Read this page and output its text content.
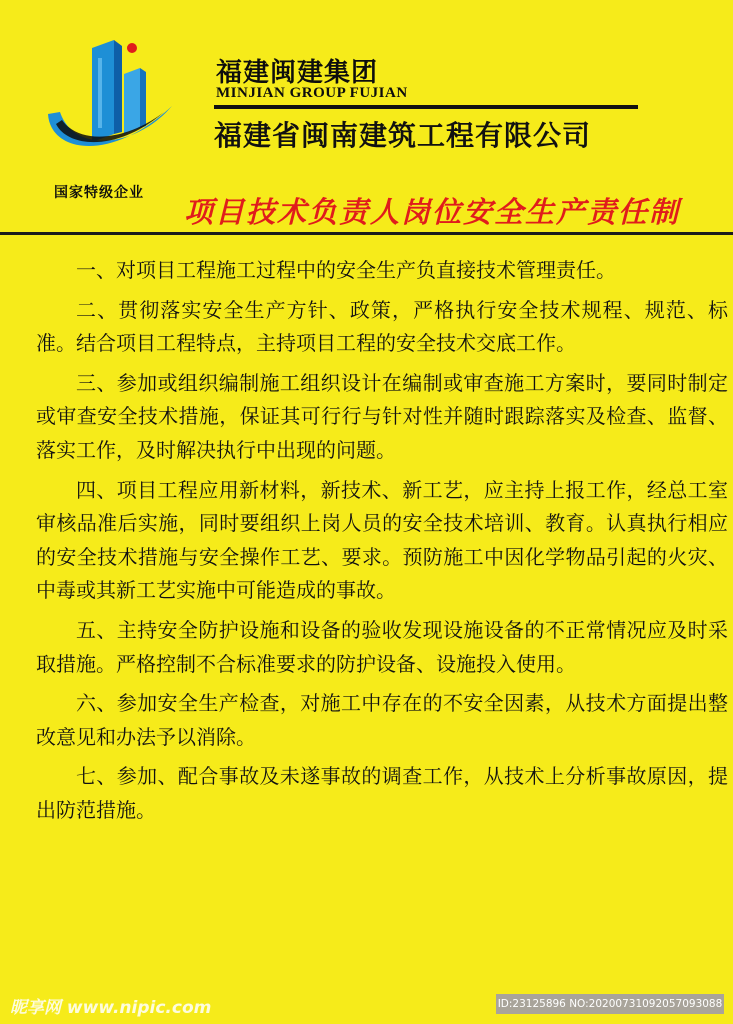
国家特级企业
福建闽建集团
MINJIAN GROUP FUJIAN
福建省闽南建筑工程有限公司
项目技术负责人岗位安全生产责任制

一、对项目工程施工过程中的安全生产负直接技术管理责任。

二、贯彻落实安全生产方针、政策，严格执行安全技术规程、规范、标准。结合项目工程特点，主持项目工程的安全技术交底工作。

三、参加或组织编制施工组织设计在编制或审查施工方案时，要同时制定或审查安全技术措施，保证其可行行与针对性并随时跟踪落实及检查、监督、落实工作，及时解决执行中出现的问题。

四、项目工程应用新材料，新技术、新工艺，应主持上报工作，经总工室审核品准后实施，同时要组织上岗人员的安全技术培训、教育。认真执行相应的安全技术措施与安全操作工艺、要求。预防施工中因化学物品引起的火灾、中毒或其新工艺实施中可能造成的事故。

五、主持安全防护设施和设备的验收发现设施设备的不正常情况应及时采取措施。严格控制不合标准要求的防护设备、设施投入使用。

六、参加安全生产检查，对施工中存在的不安全因素，从技术方面提出整改意见和办法予以消除。

七、参加、配合事故及未遂事故的调查工作，从技术上分析事故原因，提出防范措施。

昵享网 www.nipic.com	ID:23125896 NO:20200731092057093088
